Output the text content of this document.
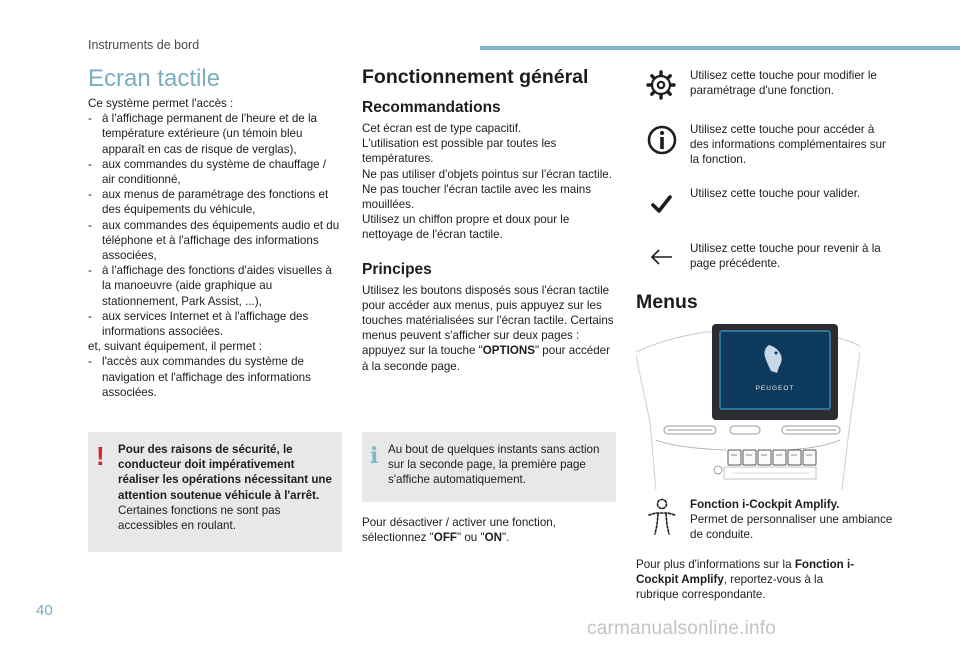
Instruments de bord
Ecran tactile
Ce système permet l'accès :
- à l'affichage permanent de l'heure et de la température extérieure (un témoin bleu apparaît en cas de risque de verglas),
- aux commandes du système de chauffage / air conditionné,
- aux menus de paramétrage des fonctions et des équipements du véhicule,
- aux commandes des équipements audio et du téléphone et à l'affichage des informations associées,
- à l'affichage des fonctions d'aides visuelles à la manoeuvre (aide graphique au stationnement, Park Assist, ...),
- aux services Internet et à l'affichage des informations associées.
et, suivant équipement, il permet :
- l'accès aux commandes du système de navigation et l'affichage des informations associées.
! Pour des raisons de sécurité, le conducteur doit impérativement réaliser les opérations nécessitant une attention soutenue véhicule à l'arrêt. Certaines fonctions ne sont pas accessibles en roulant.
Fonctionnement général
Recommandations
Cet écran est de type capacitif.
L'utilisation est possible par toutes les températures.
Ne pas utiliser d'objets pointus sur l'écran tactile.
Ne pas toucher l'écran tactile avec les mains mouillées.
Utilisez un chiffon propre et doux pour le nettoyage de l'écran tactile.
Principes
Utilisez les boutons disposés sous l'écran tactile pour accéder aux menus, puis appuyez sur les touches matérialisées sur l'écran tactile. Certains menus peuvent s'afficher sur deux pages : appuyez sur la touche "OPTIONS" pour accéder à la seconde page.
i Au bout de quelques instants sans action sur la seconde page, la première page s'affiche automatiquement.
Pour désactiver / activer une fonction, sélectionnez "OFF" ou "ON".
Utilisez cette touche pour modifier le paramétrage d'une fonction.
Utilisez cette touche pour accéder à des informations complémentaires sur la fonction.
Utilisez cette touche pour valider.
Utilisez cette touche pour revenir à la page précédente.
Menus
PEUGEOT
Fonction i-Cockpit Amplify.
Permet de personnaliser une ambiance de conduite.
Pour plus d'informations sur la Fonction i-Cockpit Amplify, reportez-vous à la rubrique correspondante.
40
carmanualsonline.info
